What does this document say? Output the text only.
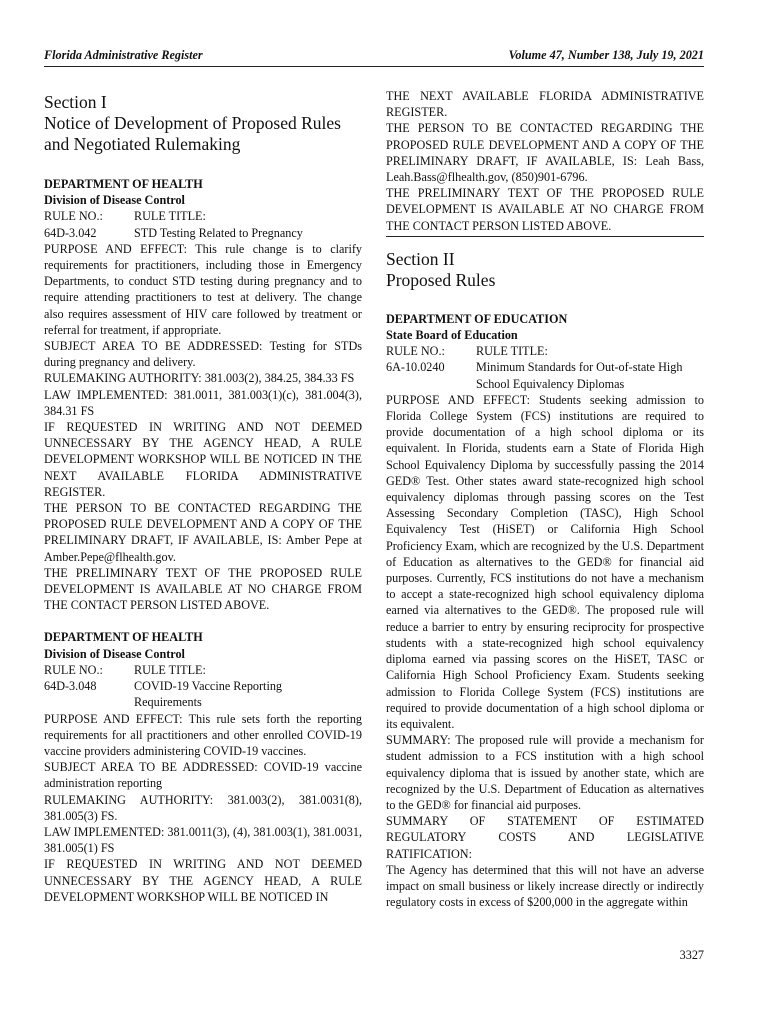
Florida Administrative Register	Volume 47, Number 138, July 19, 2021

Section I

Notice of Development of Proposed Rules

and Negotiated Rulemaking

DEPARTMENT OF HEALTH

Division of Disease Control

RULE NO.:	RULE TITLE:
64D-3.042	STD Testing Related to Pregnancy

PURPOSE AND EFFECT: This rule change is to clarify requirements for practitioners, including those in Emergency Departments, to conduct STD testing during pregnancy and to require attending practitioners to test at delivery. The change also requires assessment of HIV care followed by treatment or referral for treatment, if appropriate.

SUBJECT AREA TO BE ADDRESSED: Testing for STDs during pregnancy and delivery.

RULEMAKING AUTHORITY: 381.003(2), 384.25, 384.33 FS

LAW IMPLEMENTED: 381.0011, 381.003(1)(c), 381.004(3), 384.31 FS

IF REQUESTED IN WRITING AND NOT DEEMED UNNECESSARY BY THE AGENCY HEAD, A RULE DEVELOPMENT WORKSHOP WILL BE NOTICED IN THE NEXT AVAILABLE FLORIDA ADMINISTRATIVE REGISTER.

THE PERSON TO BE CONTACTED REGARDING THE PROPOSED RULE DEVELOPMENT AND A COPY OF THE PRELIMINARY DRAFT, IF AVAILABLE, IS: Amber Pepe at Amber.Pepe@flhealth.gov.

THE PRELIMINARY TEXT OF THE PROPOSED RULE DEVELOPMENT IS AVAILABLE AT NO CHARGE FROM THE CONTACT PERSON LISTED ABOVE.

DEPARTMENT OF HEALTH

Division of Disease Control

RULE NO.:	RULE TITLE:
64D-3.048	COVID-19 Vaccine Reporting
Requirements

PURPOSE AND EFFECT: This rule sets forth the reporting requirements for all practitioners and other enrolled COVID-19 vaccine providers administering COVID-19 vaccines.

SUBJECT AREA TO BE ADDRESSED: COVID-19 vaccine administration reporting

RULEMAKING AUTHORITY: 381.003(2), 381.0031(8), 381.005(3) FS.

LAW IMPLEMENTED: 381.0011(3), (4), 381.003(1), 381.0031, 381.005(1) FS

IF REQUESTED IN WRITING AND NOT DEEMED UNNECESSARY BY THE AGENCY HEAD, A RULE DEVELOPMENT WORKSHOP WILL BE NOTICED IN

THE NEXT AVAILABLE FLORIDA ADMINISTRATIVE REGISTER.

THE PERSON TO BE CONTACTED REGARDING THE PROPOSED RULE DEVELOPMENT AND A COPY OF THE PRELIMINARY DRAFT, IF AVAILABLE, IS: Leah Bass, Leah.Bass@flhealth.gov, (850)901-6796.

THE PRELIMINARY TEXT OF THE PROPOSED RULE DEVELOPMENT IS AVAILABLE AT NO CHARGE FROM THE CONTACT PERSON LISTED ABOVE.

Section II

Proposed Rules

DEPARTMENT OF EDUCATION

State Board of Education

RULE NO.:	RULE TITLE:
6A-10.0240	Minimum Standards for Out-of-state High
School Equivalency Diplomas

PURPOSE AND EFFECT: Students seeking admission to Florida College System (FCS) institutions are required to provide documentation of a high school diploma or its equivalent. In Florida, students earn a State of Florida High School Equivalency Diploma by successfully passing the 2014 GED® Test. Other states award state-recognized high school equivalency diplomas through passing scores on the Test Assessing Secondary Completion (TASC), High School Equivalency Test (HiSET) or California High School Proficiency Exam, which are recognized by the U.S. Department of Education as alternatives to the GED® for financial aid purposes. Currently, FCS institutions do not have a mechanism to accept a state-recognized high school equivalency diploma earned via alternatives to the GED®. The proposed rule will reduce a barrier to entry by ensuring reciprocity for prospective students with a state-recognized high school equivalency diploma earned via passing scores on the HiSET, TASC or California High School Proficiency Exam. Students seeking admission to Florida College System (FCS) institutions are required to provide documentation of a high school diploma or its equivalent.

SUMMARY: The proposed rule will provide a mechanism for student admission to a FCS institution with a high school equivalency diploma that is issued by another state, which are recognized by the U.S. Department of Education as alternatives to the GED® for financial aid purposes.

SUMMARY OF STATEMENT OF ESTIMATED REGULATORY COSTS AND LEGISLATIVE RATIFICATION:

The Agency has determined that this will not have an adverse impact on small business or likely increase directly or indirectly regulatory costs in excess of $200,000 in the aggregate within

3327
